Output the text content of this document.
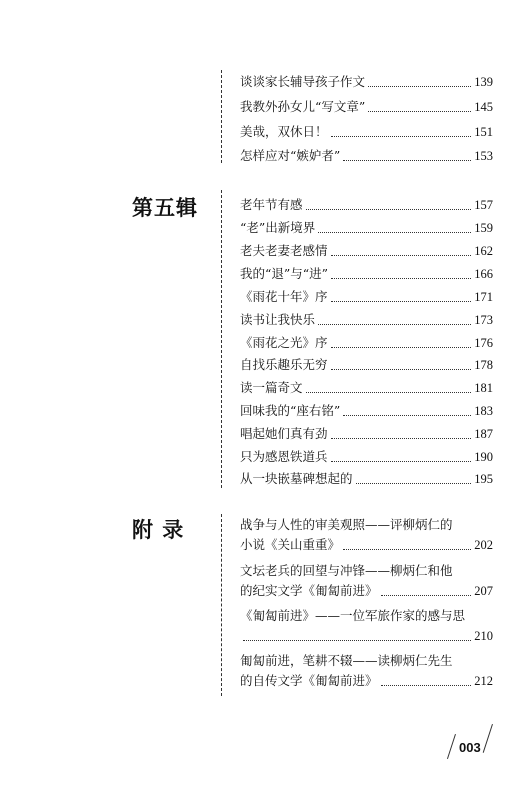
谈谈家长辅导孩子作文	139
我教外孙女儿“写文章”	145
美哉，双休日！	151
怎样应对“嫉妒者”	153
第五辑	老年节有感	157
“老”出新境界	159
老夫老妻老感情	162
我的“退”与“进”	166
《雨花十年》序	171
读书让我快乐	173
《雨花之光》序	176
自找乐趣乐无穷	178
读一篇奇文	181
回味我的“座右铭”	183
唱起她们真有劲	187
只为感恩铁道兵	190
从一块嵌墓碑想起的	195
附 录	战争与人性的审美观照——评柳炳仁的
小说《关山重重》	202
文坛老兵的回望与冲锋——柳炳仁和他
的纪实文学《匍匐前进》	207
《匍匐前进》——一位军旅作家的感与思
210
匍匐前进，笔耕不辍——读柳炳仁先生
的自传文学《匍匐前进》	212
003
